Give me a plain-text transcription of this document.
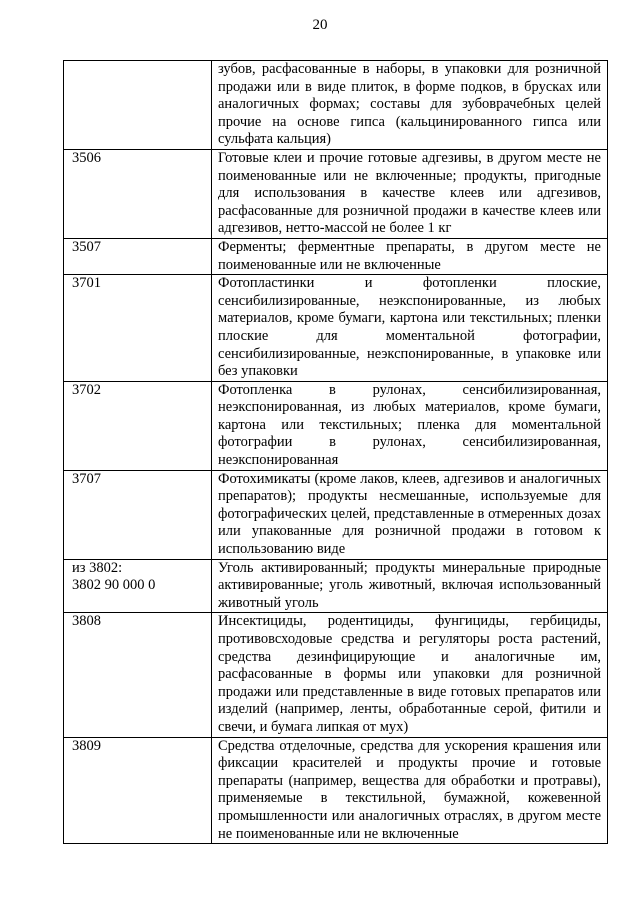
20
	зубов, расфасованные в наборы, в упаковки для розничной продажи или в виде плиток, в форме подков, в брусках или аналогичных формах; составы для зубоврачебных целей прочие на основе гипса (кальцинированного гипса или сульфата кальция)

3506	Готовые клеи и прочие готовые адгезивы, в другом месте не поименованные или не включенные; продукты, пригодные для использования в качестве клеев или адгезивов, расфасованные для розничной продажи в качестве клеев или адгезивов, нетто-массой не более 1 кг

3507	Ферменты; ферментные препараты, в другом месте не поименованные или не включенные

3701	Фотопластинки и фотопленки плоские, сенсибилизированные, неэкспонированные, из любых материалов, кроме бумаги, картона или текстильных; пленки плоские для моментальной фотографии, сенсибилизированные, неэкспонированные, в упаковке или без упаковки

3702	Фотопленка в рулонах, сенсибилизированная, неэкспонированная, из любых материалов, кроме бумаги, картона или текстильных; пленка для моментальной фотографии в рулонах, сенсибилизированная, неэкспонированная

3707	Фотохимикаты (кроме лаков, клеев, адгезивов и аналогичных препаратов); продукты несмешанные, используемые для фотографических целей, представленные в отмеренных дозах или упакованные для розничной продажи в готовом к использованию виде

из 3802:
3802 90 000 0	Уголь активированный; продукты минеральные природные активированные; уголь животный, включая использованный животный уголь

3808	Инсектициды, родентициды, фунгициды, гербициды, противовсходовые средства и регуляторы роста растений, средства дезинфицирующие и аналогичные им, расфасованные в формы или упаковки для розничной продажи или представленные в виде готовых препаратов или изделий (например, ленты, обработанные серой, фитили и свечи, и бумага липкая от мух)

3809	Средства отделочные, средства для ускорения крашения или фиксации красителей и продукты прочие и готовые препараты (например, вещества для обработки и протравы), применяемые в текстильной, бумажной, кожевенной промышленности или аналогичных отраслях, в другом месте не поименованные или не включенные
